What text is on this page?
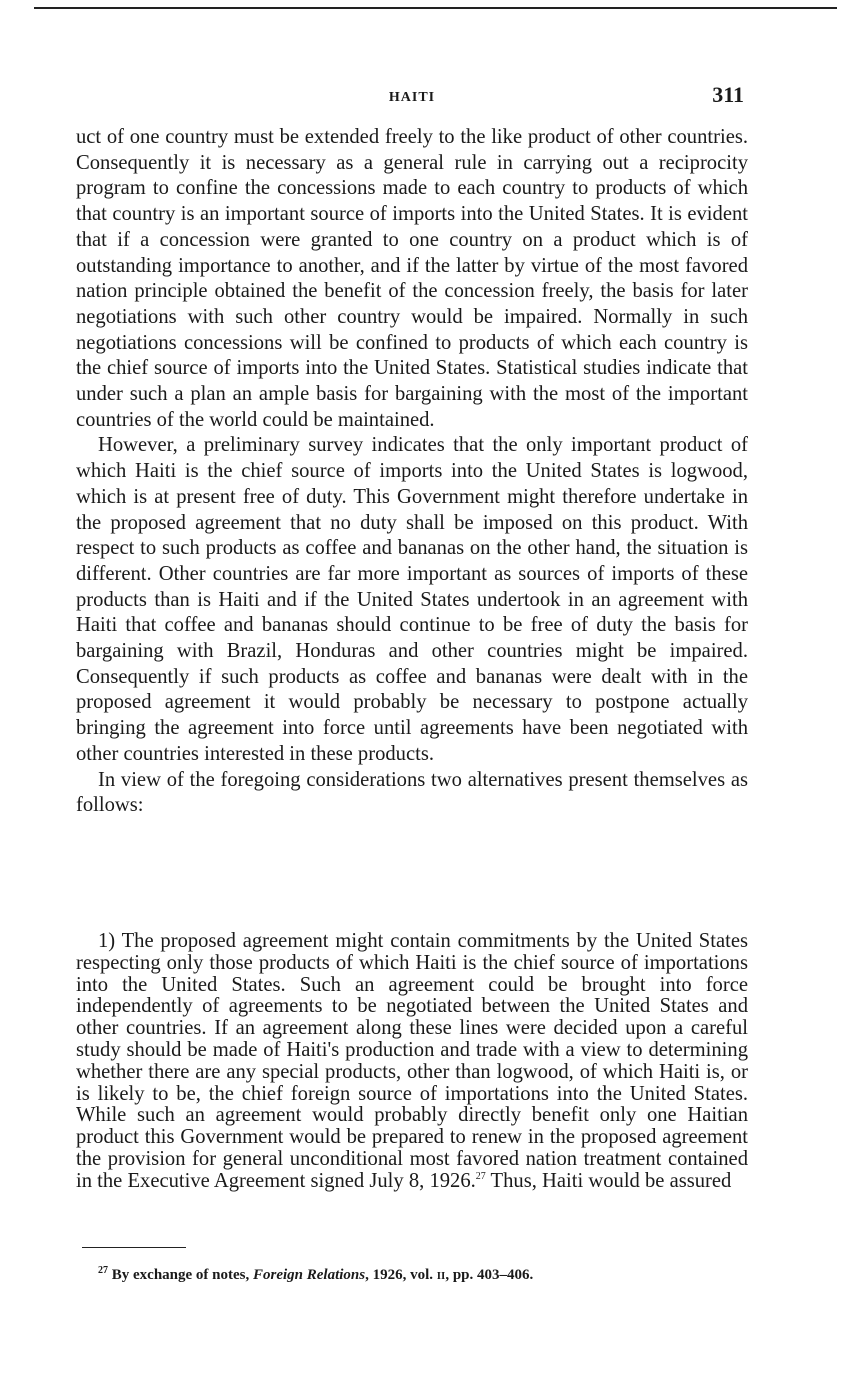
HAITI	311

uct of one country must be extended freely to the like product of other countries. Consequently it is necessary as a general rule in carrying out a reciprocity program to confine the concessions made to each country to products of which that country is an important source of imports into the United States. It is evident that if a concession were granted to one country on a product which is of outstanding importance to another, and if the latter by virtue of the most favored nation principle obtained the benefit of the concession freely, the basis for later negotiations with such other country would be impaired. Normally in such negotiations concessions will be confined to products of which each country is the chief source of imports into the United States. Statistical studies indicate that under such a plan an ample basis for bargaining with the most of the important countries of the world could be maintained.

However, a preliminary survey indicates that the only important product of which Haiti is the chief source of imports into the United States is logwood, which is at present free of duty. This Government might therefore undertake in the proposed agreement that no duty shall be imposed on this product. With respect to such products as coffee and bananas on the other hand, the situation is different. Other countries are far more important as sources of imports of these products than is Haiti and if the United States undertook in an agreement with Haiti that coffee and bananas should continue to be free of duty the basis for bargaining with Brazil, Honduras and other countries might be impaired. Consequently if such products as coffee and bananas were dealt with in the proposed agreement it would probably be necessary to postpone actually bringing the agreement into force until agreements have been negotiated with other countries interested in these products.

In view of the foregoing considerations two alternatives present themselves as follows:

1) The proposed agreement might contain commitments by the United States respecting only those products of which Haiti is the chief source of importations into the United States. Such an agreement could be brought into force independently of agreements to be negotiated between the United States and other countries. If an agreement along these lines were decided upon a careful study should be made of Haiti's production and trade with a view to determining whether there are any special products, other than logwood, of which Haiti is, or is likely to be, the chief foreign source of importations into the United States. While such an agreement would probably directly benefit only one Haitian product this Government would be prepared to renew in the proposed agreement the provision for general unconditional most favored nation treatment contained in the Executive Agreement signed July 8, 1926.27 Thus, Haiti would be assured

$^{27}$ By exchange of notes, Foreign Relations, 1926, vol. ii, pp. 403–406.
